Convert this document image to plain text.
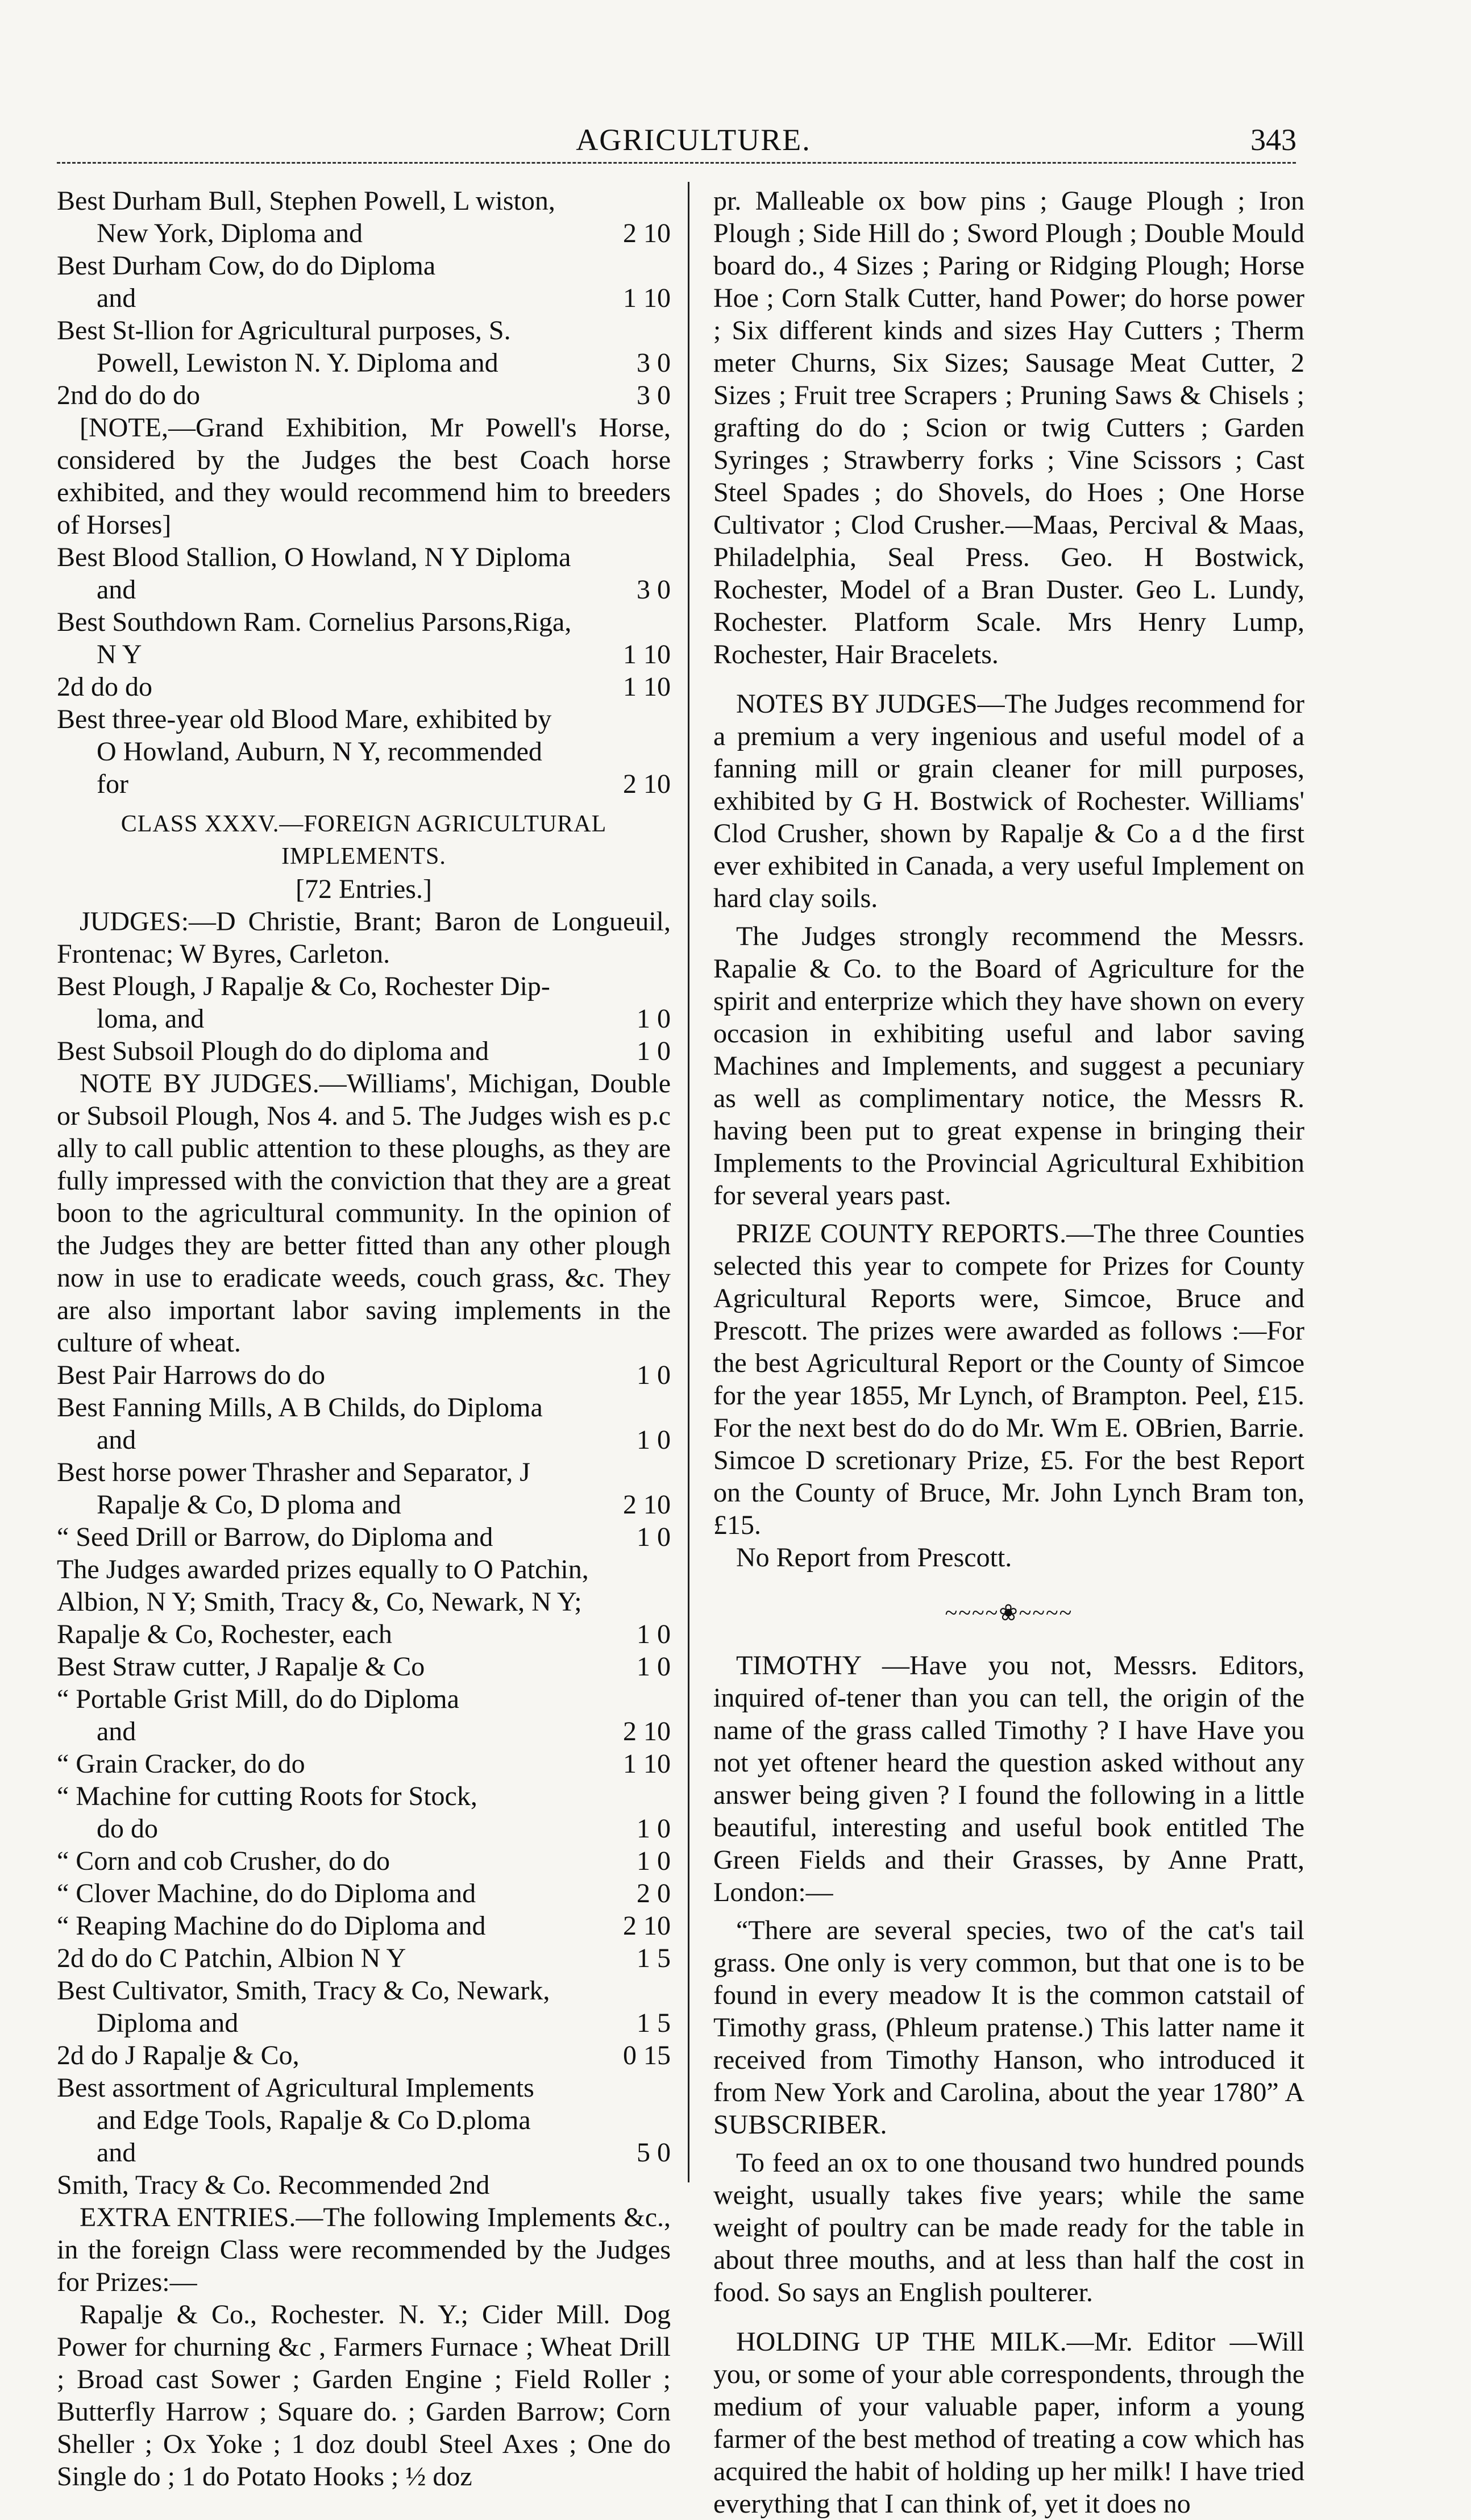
AGRICULTURE.	343
Best Durham Bull, Stephen Powell, L wiston,
New York, Diploma and	2 10
Best Durham Cow, do do Diploma
and	1 10
Best St-llion for Agricultural purposes, S.
Powell, Lewiston N. Y. Diploma and	3 0
2nd do do do	3 0

[NOTE,—Grand Exhibition, Mr Powell's Horse, considered by the Judges the best Coach horse exhibited, and they would recommend him to breeders of Horses]

Best Blood Stallion, O Howland, N Y Diploma
and	3 0
Best Southdown Ram. Cornelius Parsons,Riga,
N Y	1 10
2d do do	1 10
Best three-year old Blood Mare, exhibited by
O Howland, Auburn, N Y, recommended
for	2 10
CLASS XXXV.—FOREIGN AGRICULTURAL IMPLEMENTS.
[72 Entries.]

JUDGES:—D Christie, Brant; Baron de Longueuil, Frontenac; W Byres, Carleton.

Best Plough, J Rapalje & Co, Rochester Dip-
loma, and	1 0
Best Subsoil Plough do do diploma and	1 0

NOTE BY JUDGES.—Williams', Michigan, Double or Subsoil Plough, Nos 4. and 5. The Judges wish es p.c ally to call public attention to these ploughs, as they are fully impressed with the conviction that they are a great boon to the agricultural community. In the opinion of the Judges they are better fitted than any other plough now in use to eradicate weeds, couch grass, &c. They are also important labor saving implements in the culture of wheat.

Best Pair Harrows do do	1 0
Best Fanning Mills, A B Childs, do Diploma
and	1 0
Best horse power Thrasher and Separator, J
Rapalje & Co, D ploma and	2 10
“ Seed Drill or Barrow, do Diploma and	1 0
The Judges awarded prizes equally to O Patchin, Albion, N Y; Smith, Tracy &, Co, Newark, N Y; Rapalje & Co, Rochester, each	1 0
Best Straw cutter, J Rapalje & Co	1 0
“ Portable Grist Mill, do do Diploma
and	2 10
“ Grain Cracker, do do	1 10
“ Machine for cutting Roots for Stock,
do do	1 0
“ Corn and cob Crusher, do do	1 0
“ Clover Machine, do do Diploma and	2 0
“ Reaping Machine do do Diploma and	2 10
2d do do C Patchin, Albion N Y	1 5
Best Cultivator, Smith, Tracy & Co, Newark,
Diploma and	1 5
2d do J Rapalje & Co,	0 15
Best assortment of Agricultural Implements
and Edge Tools, Rapalje & Co D.ploma
and	5 0
Smith, Tracy & Co. Recommended 2nd

EXTRA ENTRIES.—The following Implements &c., in the foreign Class were recommended by the Judges for Prizes:—

Rapalje & Co., Rochester. N. Y.; Cider Mill. Dog Power for churning &c , Farmers Furnace ; Wheat Drill ; Broad cast Sower ; Garden Engine ; Field Roller ; Butterfly Harrow ; Square do. ; Garden Barrow; Corn Sheller ; Ox Yoke ; 1 doz doubl Steel Axes ; One do Single do ; 1 do Potato Hooks ; ½ doz

pr. Malleable ox bow pins ; Gauge Plough ; Iron Plough ; Side Hill do ; Sword Plough ; Double Mould board do., 4 Sizes ; Paring or Ridging Plough; Horse Hoe ; Corn Stalk Cutter, hand Power; do horse power ; Six different kinds and sizes Hay Cutters ; Therm meter Churns, Six Sizes; Sausage Meat Cutter, 2 Sizes ; Fruit tree Scrapers ; Pruning Saws & Chisels ; grafting do do ; Scion or twig Cutters ; Garden Syringes ; Strawberry forks ; Vine Scissors ; Cast Steel Spades ; do Shovels, do Hoes ; One Horse Cultivator ; Clod Crusher.—Maas, Percival & Maas, Philadelphia, Seal Press. Geo. H Bostwick, Rochester, Model of a Bran Duster. Geo L. Lundy, Rochester. Platform Scale. Mrs Henry Lump, Rochester, Hair Bracelets.

NOTES BY JUDGES—The Judges recommend for a premium a very ingenious and useful model of a fanning mill or grain cleaner for mill purposes, exhibited by G H. Bostwick of Rochester. Williams' Clod Crusher, shown by Rapalje & Co a d the first ever exhibited in Canada, a very useful Implement on hard clay soils.

The Judges strongly recommend the Messrs. Rapalie & Co. to the Board of Agriculture for the spirit and enterprize which they have shown on every occasion in exhibiting useful and labor saving Machines and Implements, and suggest a pecuniary as well as complimentary notice, the Messrs R. having been put to great expense in bringing their Implements to the Provincial Agricultural Exhibition for several years past.

PRIZE COUNTY REPORTS.—The three Counties selected this year to compete for Prizes for County Agricultural Reports were, Simcoe, Bruce and Prescott. The prizes were awarded as follows :—For the best Agricultural Report or the County of Simcoe for the year 1855, Mr Lynch, of Brampton. Peel, £15. For the next best do do do Mr. Wm E. OBrien, Barrie. Simcoe D scretionary Prize, £5. For the best Report on the County of Bruce, Mr. John Lynch Bram ton, £15.

No Report from Prescott.

~~~~❀~~~~

TIMOTHY —Have you not, Messrs. Editors, inquired of-tener than you can tell, the origin of the name of the grass called Timothy ? I have Have you not yet oftener heard the question asked without any answer being given ? I found the following in a little beautiful, interesting and useful book entitled The Green Fields and their Grasses, by Anne Pratt, London:—

“There are several species, two of the cat's tail grass. One only is very common, but that one is to be found in every meadow It is the common catstail of Timothy grass, (Phleum pratense.) This latter name it received from Timothy Hanson, who introduced it from New York and Carolina, about the year 1780” A SUBSCRIBER.

To feed an ox to one thousand two hundred pounds weight, usually takes five years; while the same weight of poultry can be made ready for the table in about three mouths, and at less than half the cost in food. So says an English poulterer.

HOLDING UP THE MILK.—Mr. Editor —Will you, or some of your able correspondents, through the medium of your valuable paper, inform a young farmer of the best method of treating a cow which has acquired the habit of holding up her milk! I have tried everything that I can think of, yet it does no
